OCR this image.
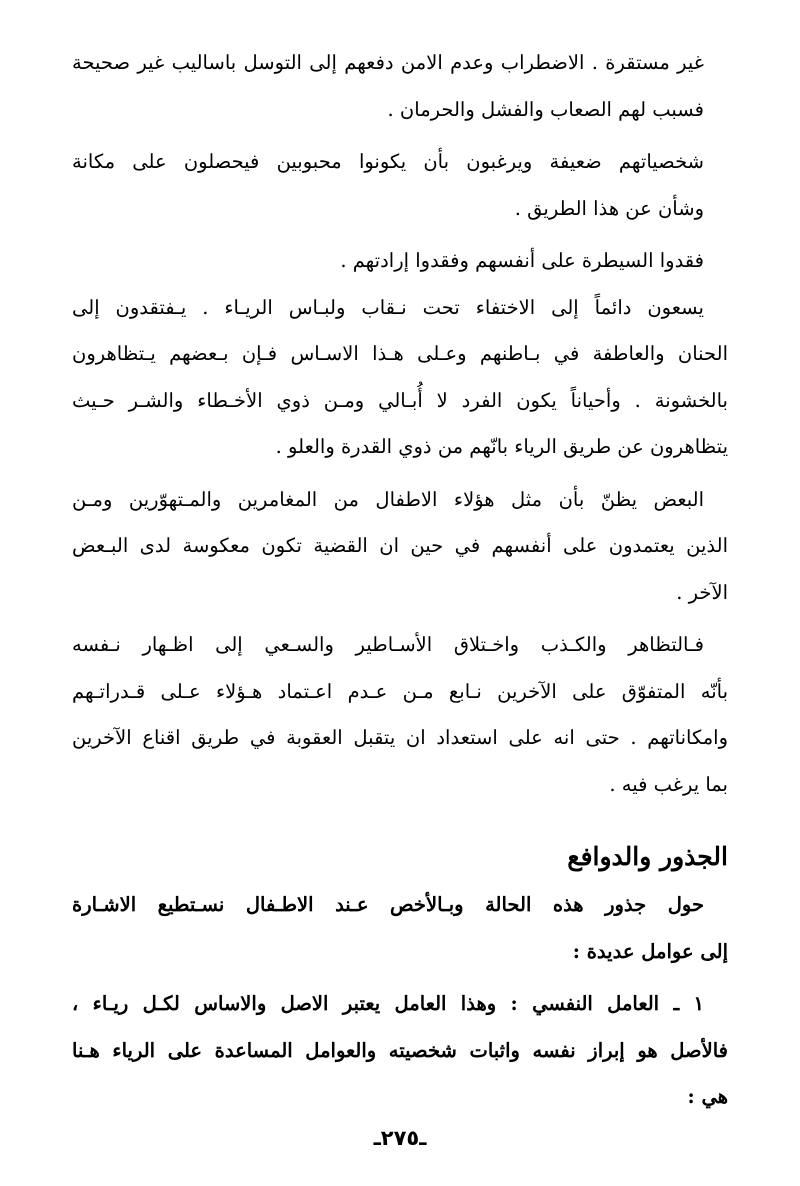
غير مستقرة . الاضطراب وعدم الامن دفعهم إلى التوسل باساليب غير صحيحة
فسبب لهم الصعاب والفشل والحرمان .
شخصياتهم ضعيفة ويرغبون بأن يكونوا محبوبين فيحصلون على مكانة
وشأن عن هذا الطريق .
فقدوا السيطرة على أنفسهم وفقدوا إرادتهم .
يسعون دائماً إلى الاختفاء تحت نـقاب ولبـاس الريـاء . يـفتقدون إلى
الحنان والعاطفة في بـاطنهم وعـلى هـذا الاسـاس فـإن بـعضهم يـتظاهرون
بالخشونة . وأحياناً يكون الفرد لا أُبـالي ومـن ذوي الأخـطاء والشـر حـيث
يتظاهرون عن طريق الرياء بانّهم من ذوي القدرة والعلو .
البعض يظنّ بأن مثل هؤلاء الاطفال من المغامرين والمـتهوّرين ومـن
الذين يعتمدون على أنفسهم في حين ان القضية تكون معكوسة لدى البـعض
الآخر .
فـالتظاهر والكـذب واخـتلاق الأسـاطير والسـعي إلى اظـهار نـفسه
بأنّه المتفوّق على الآخرين نـابع مـن عـدم اعـتماد هـؤلاء عـلى قـدراتـهم
وامكاناتهم . حتى انه على استعداد ان يتقبل العقوبة في طريق اقناع الآخرين
بما يرغب فيه .
الجذور والدوافع
حول جذور هذه الحالة وبـالأخص عـند الاطـفال نسـتطيع الاشـارة
إلى عوامل عديدة :
١ ـ العامل النفسي : وهذا العامل يعتبر الاصل والاساس لكـل ريـاء ،
فالأصل هو إبراز نفسه واثبات شخصيته والعوامل المساعدة على الرياء هـنا
هي :
ـ٢٧٥ـ
